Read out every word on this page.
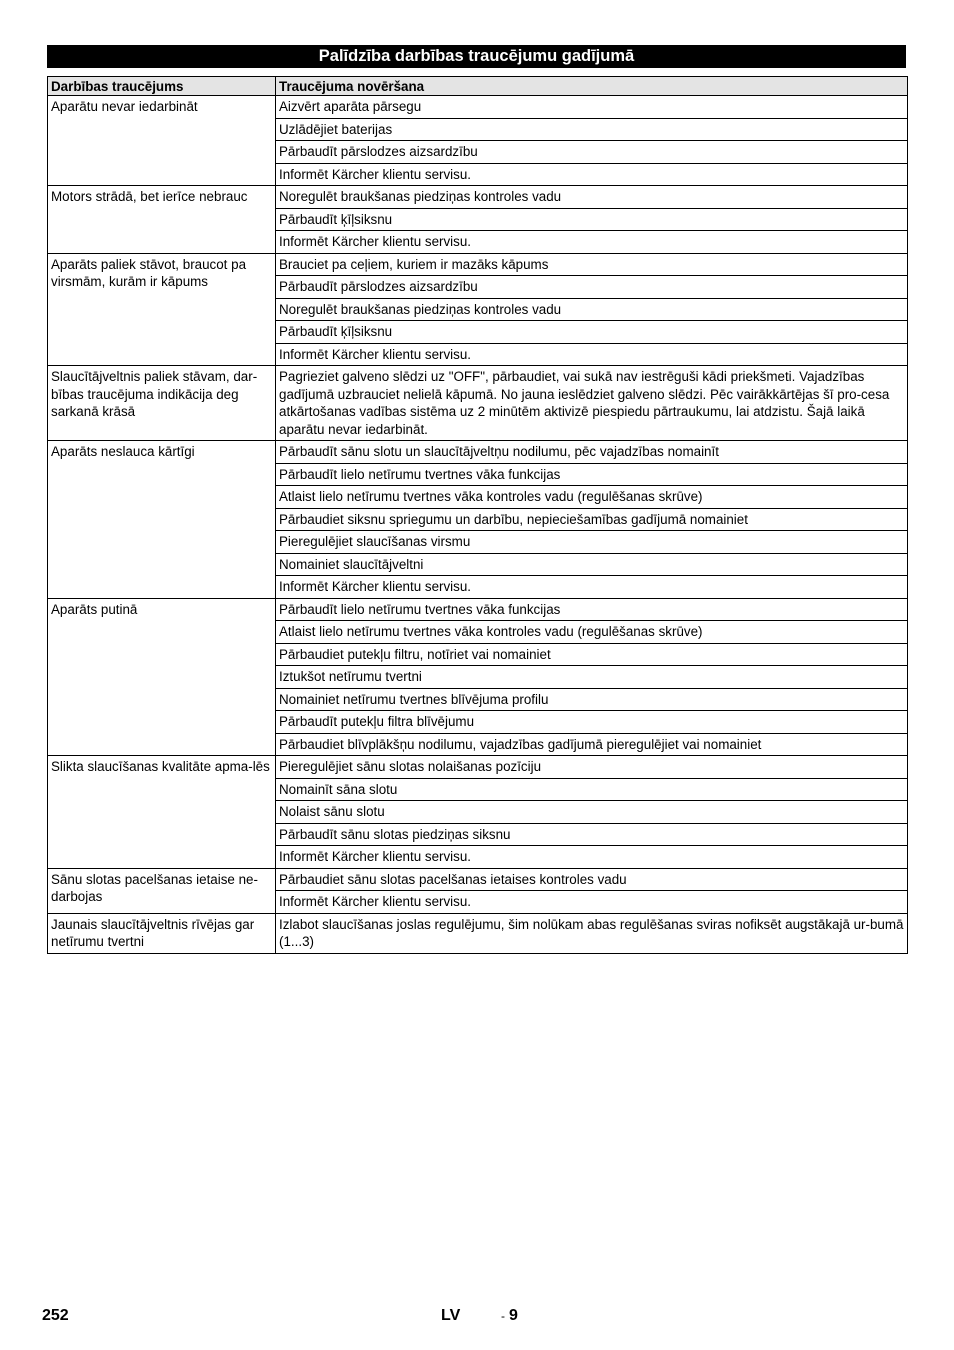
Palīdzība darbības traucējumu gadījumā
Darbības traucējums	Traucējuma novēršana
Aparātu nevar iedarbināt	Aizvērt aparāta pārsegu
	Uzlādējiet baterijas
	Pārbaudīt pārslodzes aizsardzību
	Informēt Kärcher klientu servisu.
Motors strādā, bet ierīce nebrauc	Noregulēt braukšanas piedziņas kontroles vadu
	Pārbaudīt ķīļsiksnu
	Informēt Kärcher klientu servisu.
Aparāts paliek stāvot, braucot pa virsmām, kurām ir kāpums	Brauciet pa ceļiem, kuriem ir mazāks kāpums
	Pārbaudīt pārslodzes aizsardzību
	Noregulēt braukšanas piedziņas kontroles vadu
	Pārbaudīt ķīļsiksnu
	Informēt Kärcher klientu servisu.
Slaucītājveltnis paliek stāvam, dar-bības traucējuma indikācija deg sarkanā krāsā	Pagrieziet galveno slēdzi uz "OFF", pārbaudiet, vai sukā nav iestrēguši kādi priekšmeti. Vajadzības gadījumā uzbrauciet nelielā kāpumā. No jauna ieslēdziet galveno slēdzi. Pēc vairākkārtējas šī pro-cesa atkārtošanas vadības sistēma uz 2 minūtēm aktivizē piespiedu pārtraukumu, lai atdzistu. Šajā laikā aparātu nevar iedarbināt.
Aparāts neslauca kārtīgi	Pārbaudīt sānu slotu un slaucītājveltņu nodilumu, pēc vajadzības nomainīt
	Pārbaudīt lielo netīrumu tvertnes vāka funkcijas
	Atlaist lielo netīrumu tvertnes vāka kontroles vadu (regulēšanas skrūve)
	Pārbaudiet siksnu spriegumu un darbību, nepieciešamības gadījumā nomainiet
	Pieregulējiet slaucīšanas virsmu
	Nomainiet slaucītājveltni
	Informēt Kärcher klientu servisu.
Aparāts putinā	Pārbaudīt lielo netīrumu tvertnes vāka funkcijas
	Atlaist lielo netīrumu tvertnes vāka kontroles vadu (regulēšanas skrūve)
	Pārbaudiet putekļu filtru, notīriet vai nomainiet
	Iztukšot netīrumu tvertni
	Nomainiet netīrumu tvertnes blīvējuma profilu
	Pārbaudīt putekļu filtra blīvējumu
	Pārbaudiet blīvplākšņu nodilumu, vajadzības gadījumā pieregulējiet vai nomainiet
Slikta slaucīšanas kvalitāte apma-lēs	Pieregulējiet sānu slotas nolaišanas pozīciju
	Nomainīt sāna slotu
	Nolaist sānu slotu
	Pārbaudīt sānu slotas piedziņas siksnu
	Informēt Kärcher klientu servisu.
Sānu slotas pacelšanas ietaise ne-darbojas	Pārbaudiet sānu slotas pacelšanas ietaises kontroles vadu
	Informēt Kärcher klientu servisu.
Jaunais slaucītājveltnis rīvējas gar netīrumu tvertni	Izlabot slaucīšanas joslas regulējumu, šim nolūkam abas regulēšanas sviras nofiksēt augstākajā ur-bumā (1...3)
252	LV	- 9
